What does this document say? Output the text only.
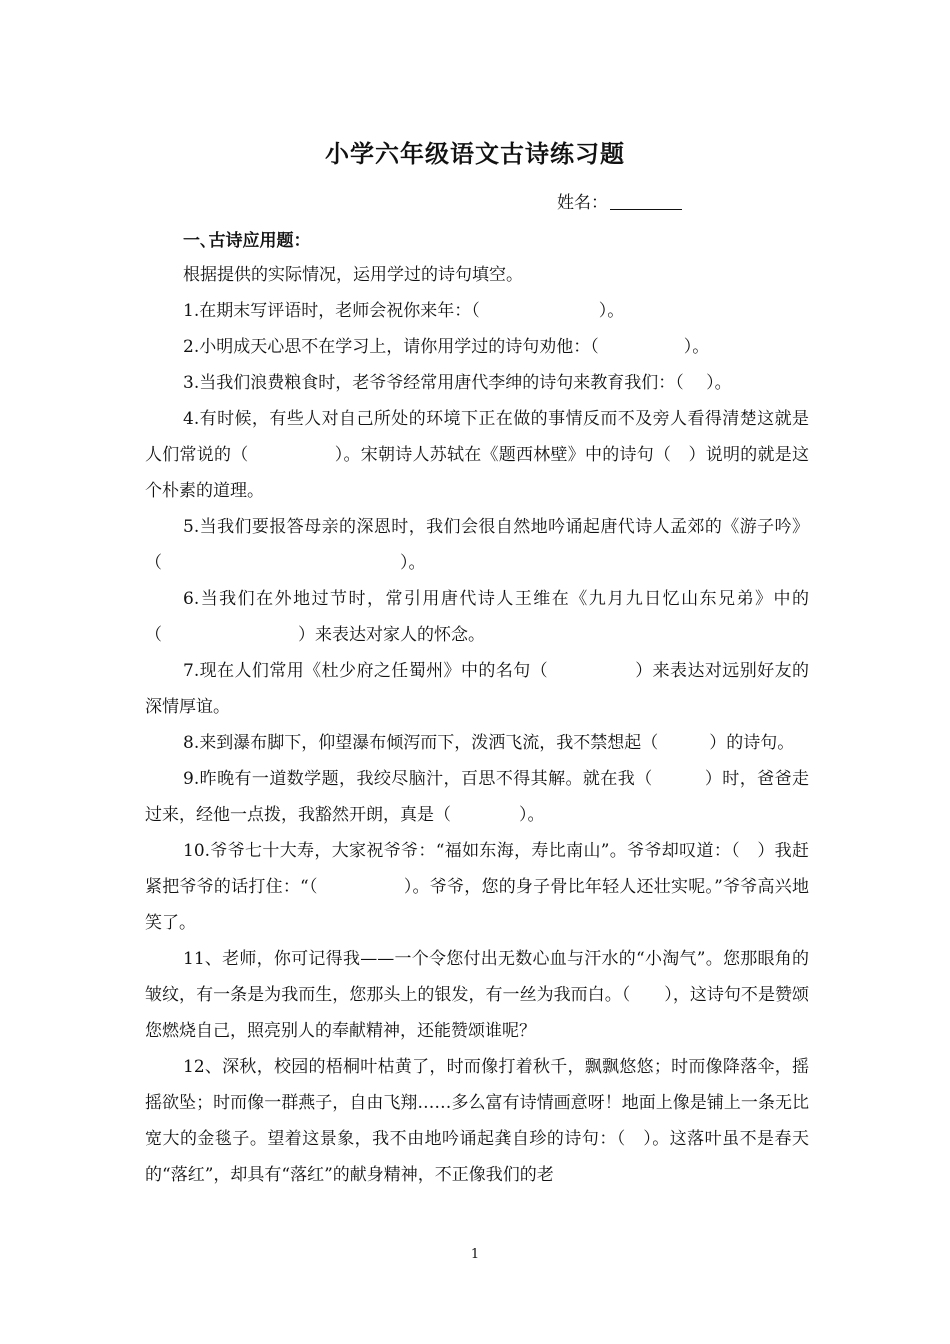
小学六年级语文古诗练习题
姓名：
一､古诗应用题：

根据提供的实际情况，运用学过的诗句填空。

1.在期末写评语时，老师会祝你来年：（　　　　　　　）。

2.小明成天心思不在学习上，请你用学过的诗句劝他：（　　　　　）。

3.当我们浪费粮食时，老爷爷经常用唐代李绅的诗句来教育我们：（　 ）。

4.有时候，有些人对自己所处的环境下正在做的事情反而不及旁人看得清楚这就是人们常说的（　　　　　）。宋朝诗人苏轼在《题西林壁》中的诗句（　）说明的就是这个朴素的道理。

5.当我们要报答母亲的深恩时，我们会很自然地吟诵起唐代诗人孟郊的《游子吟》（　　　　　　　　　　　　　　）。

6.当我们在外地过节时，常引用唐代诗人王维在《九月九日忆山东兄弟》中的（　　　　　　　　）来表达对家人的怀念。

7.现在人们常用《杜少府之任蜀州》中的名句（　　　　　）来表达对远别好友的深情厚谊。

8.来到瀑布脚下，仰望瀑布倾泻而下，泼洒飞流，我不禁想起（　　　）的诗句。

9.昨晚有一道数学题，我绞尽脑汁，百思不得其解。就在我（　　　）时，爸爸走过来，经他一点拨，我豁然开朗，真是（　　　　）。

10.爷爷七十大寿，大家祝爷爷：“福如东海，寿比南山”。爷爷却叹道：（　）我赶紧把爷爷的话打住：“（　　　　　）。爷爷，您的身子骨比年轻人还壮实呢。”爷爷高兴地笑了。

11、老师，你可记得我——一个令您付出无数心血与汗水的“小淘气”。您那眼角的皱纹，有一条是为我而生，您那头上的银发，有一丝为我而白。（　　），这诗句不是赞颂您燃烧自己，照亮别人的奉献精神，还能赞颂谁呢？

12、深秋，校园的梧桐叶枯黄了，时而像打着秋千，飘飘悠悠；时而像降落伞，摇摇欲坠；时而像一群燕子，自由飞翔……多么富有诗情画意呀！地面上像是铺上一条无比宽大的金毯子。望着这景象，我不由地吟诵起龚自珍的诗句：（　）。这落叶虽不是春天的“落红”，却具有“落红”的献身精神，不正像我们的老

1
